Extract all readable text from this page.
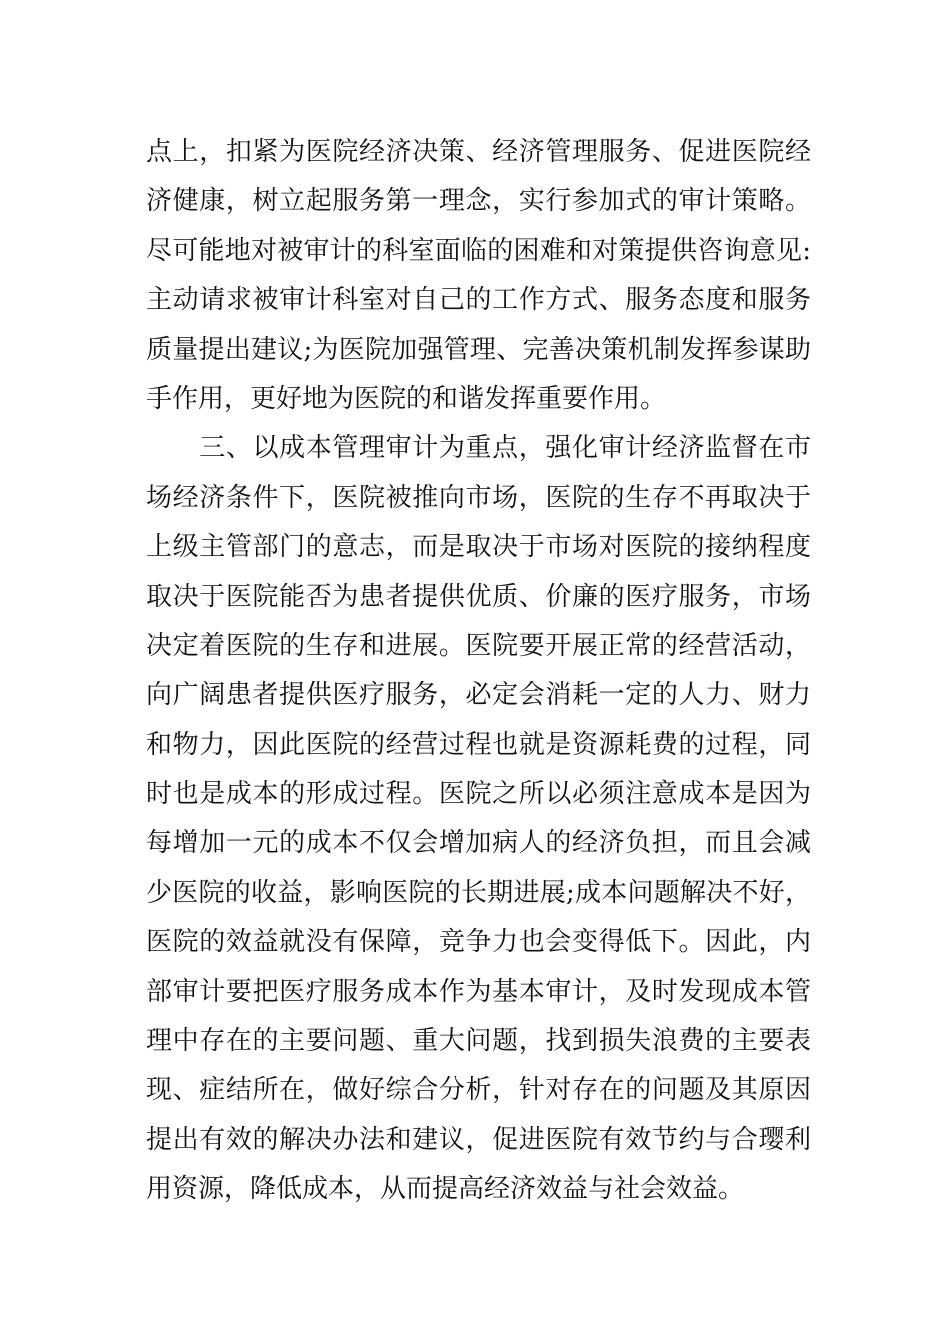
点上，扣紧为医院经济决策、经济管理服务、促进医院经
济健康，树立起服务第一理念，实行参加式的审计策略。
尽可能地对被审计的科室面临的困难和对策提供咨询意见:
主动请求被审计科室对自己的工作方式、服务态度和服务
质量提出建议;为医院加强管理、完善决策机制发挥参谋助
手作用，更好地为医院的和谐发挥重要作用。
　　三、以成本管理审计为重点，强化审计经济监督在市
场经济条件下，医院被推向市场，医院的生存不再取决于
上级主管部门的意志，而是取决于市场对医院的接纳程度
取决于医院能否为患者提供优质、价廉的医疗服务，市场
决定着医院的生存和进展。医院要开展正常的经营活动，
向广阔患者提供医疗服务，必定会消耗一定的人力、财力
和物力，因此医院的经营过程也就是资源耗费的过程，同
时也是成本的形成过程。医院之所以必须注意成本是因为
每增加一元的成本不仅会增加病人的经济负担，而且会减
少医院的收益，影响医院的长期进展;成本问题解决不好，
医院的效益就没有保障，竞争力也会变得低下。因此，内
部审计要把医疗服务成本作为基本审计，及时发现成本管
理中存在的主要问题、重大问题，找到损失浪费的主要表
现、症结所在，做好综合分析，针对存在的问题及其原因
提出有效的解决办法和建议，促进医院有效节约与合璎利
用资源，降低成本，从而提高经济效益与社会效益。
